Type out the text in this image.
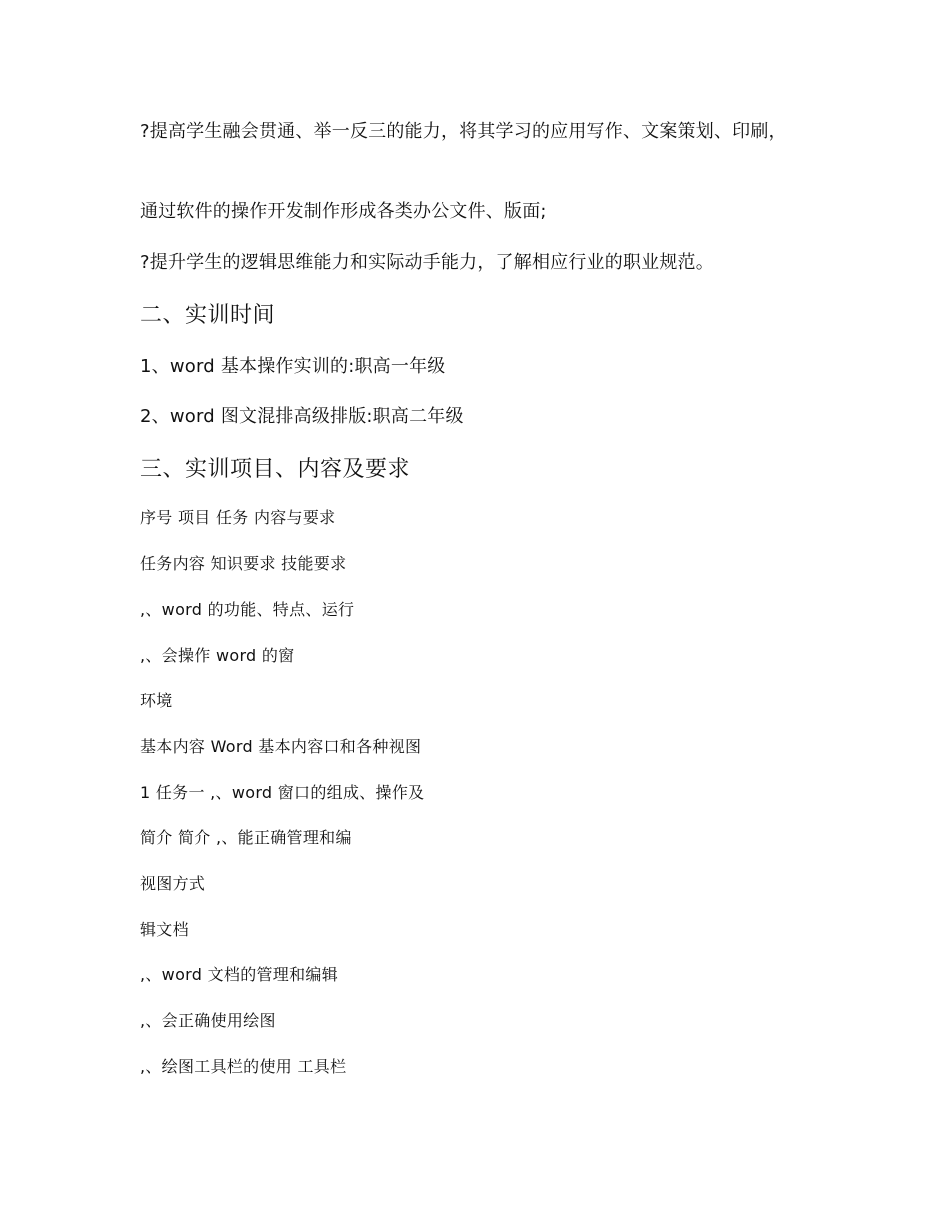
?提高学生融会贯通、举一反三的能力，将其学习的应用写作、文案策划、印刷，
通过软件的操作开发制作形成各类办公文件、版面;
?提升学生的逻辑思维能力和实际动手能力，了解相应行业的职业规范。
二、实训时间
1、word 基本操作实训的:职高一年级
2、word 图文混排高级排版:职高二年级
三、实训项目、内容及要求
序号 项目 任务 内容与要求
任务内容 知识要求 技能要求
,、word 的功能、特点、运行
,、会操作 word 的窗
环境
基本内容 Word 基本内容口和各种视图
1 任务一 ,、word 窗口的组成、操作及
简介 简介 ,、能正确管理和编
视图方式
辑文档
,、word 文档的管理和编辑
,、会正确使用绘图
,、绘图工具栏的使用 工具栏
